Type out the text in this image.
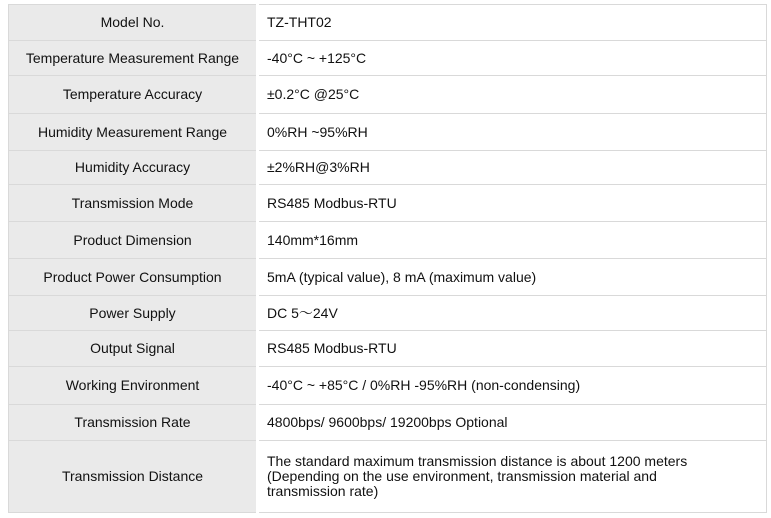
Model No.	TZ-THT02

Temperature Measurement Range	-40°C ~ +125°C

Temperature Accuracy	±0.2°C @25°C

Humidity Measurement Range	0%RH ~95%RH

Humidity Accuracy	±2%RH@3%RH

Transmission Mode	RS485 Modbus-RTU

Product Dimension	140mm*16mm

Product Power Consumption	5mA (typical value), 8 mA (maximum value)

Power Supply	DC 5～24V

Output Signal	RS485 Modbus-RTU

Working Environment	-40°C ~ +85°C / 0%RH -95%RH (non-condensing)

Transmission Rate	4800bps/ 9600bps/ 19200bps Optional

Transmission Distance	The standard maximum transmission distance is about 1200 meters
(Depending on the use environment, transmission material and
transmission rate)
